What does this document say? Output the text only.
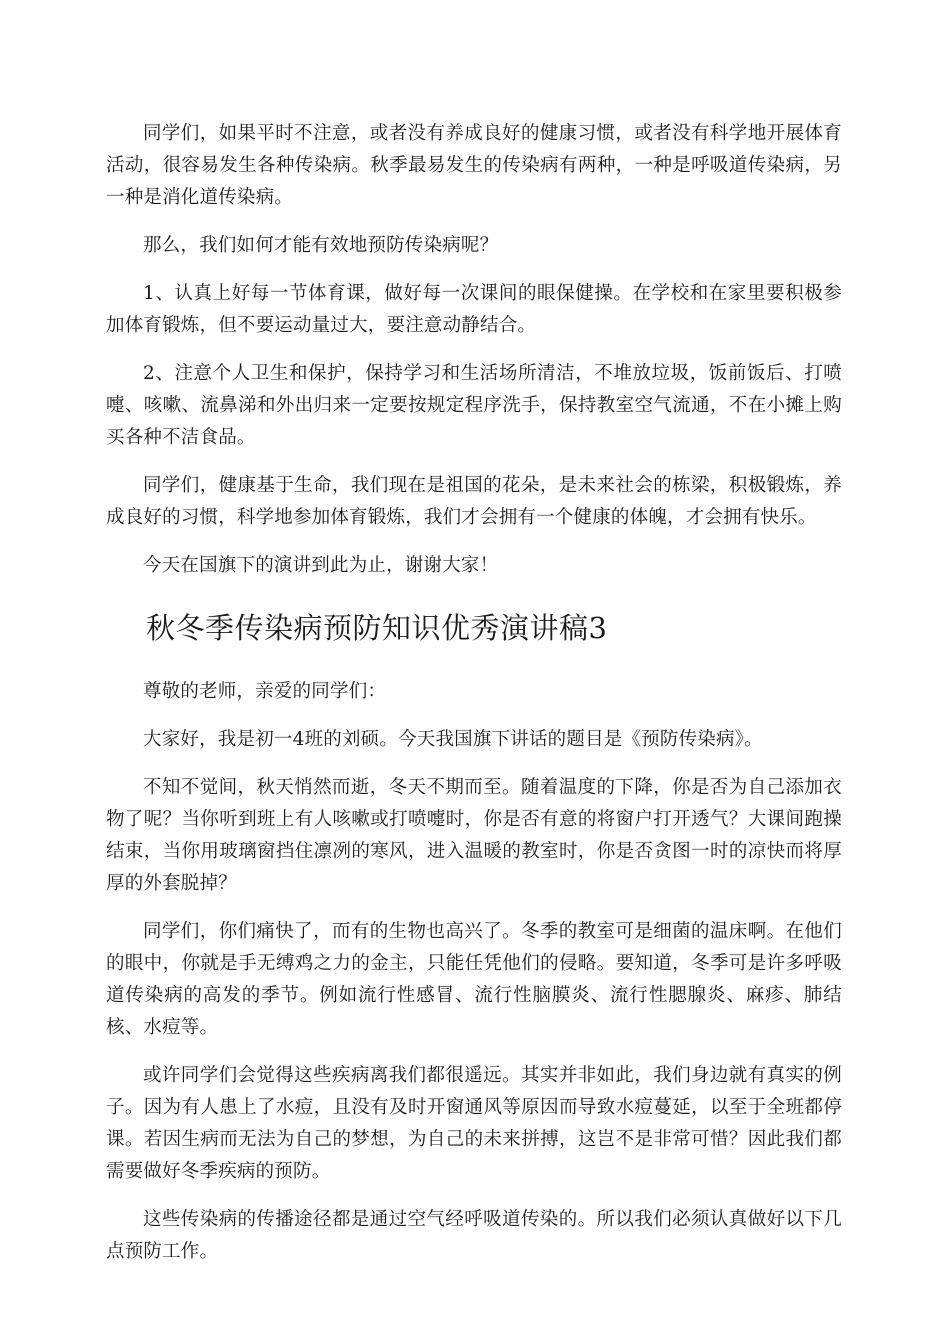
同学们，如果平时不注意，或者没有养成良好的健康习惯，或者没有科学地开展体育活动，很容易发生各种传染病。秋季最易发生的传染病有两种，一种是呼吸道传染病，另一种是消化道传染病。

那么，我们如何才能有效地预防传染病呢？

1、认真上好每一节体育课，做好每一次课间的眼保健操。在学校和在家里要积极参加体育锻炼，但不要运动量过大，要注意动静结合。

2、注意个人卫生和保护，保持学习和生活场所清洁，不堆放垃圾，饭前饭后、打喷嚏、咳嗽、流鼻涕和外出归来一定要按规定程序洗手，保持教室空气流通，不在小摊上购买各种不洁食品。

同学们，健康基于生命，我们现在是祖国的花朵，是未来社会的栋梁，积极锻炼，养成良好的习惯，科学地参加体育锻炼，我们才会拥有一个健康的体魄，才会拥有快乐。

今天在国旗下的演讲到此为止，谢谢大家！

秋冬季传染病预防知识优秀演讲稿3

尊敬的老师，亲爱的同学们：

大家好，我是初一4班的刘硕。今天我国旗下讲话的题目是《预防传染病》。

不知不觉间，秋天悄然而逝，冬天不期而至。随着温度的下降，你是否为自己添加衣物了呢？当你听到班上有人咳嗽或打喷嚏时，你是否有意的将窗户打开透气？大课间跑操结束，当你用玻璃窗挡住凛冽的寒风，进入温暖的教室时，你是否贪图一时的凉快而将厚厚的外套脱掉？

同学们，你们痛快了，而有的生物也高兴了。冬季的教室可是细菌的温床啊。在他们的眼中，你就是手无缚鸡之力的金主，只能任凭他们的侵略。要知道，冬季可是许多呼吸道传染病的高发的季节。例如流行性感冒、流行性脑膜炎、流行性腮腺炎、麻疹、肺结核、水痘等。

或许同学们会觉得这些疾病离我们都很遥远。其实并非如此，我们身边就有真实的例子。因为有人患上了水痘，且没有及时开窗通风等原因而导致水痘蔓延，以至于全班都停课。若因生病而无法为自己的梦想，为自己的未来拼搏，这岂不是非常可惜？因此我们都需要做好冬季疾病的预防。

这些传染病的传播途径都是通过空气经呼吸道传染的。所以我们必须认真做好以下几点预防工作。
